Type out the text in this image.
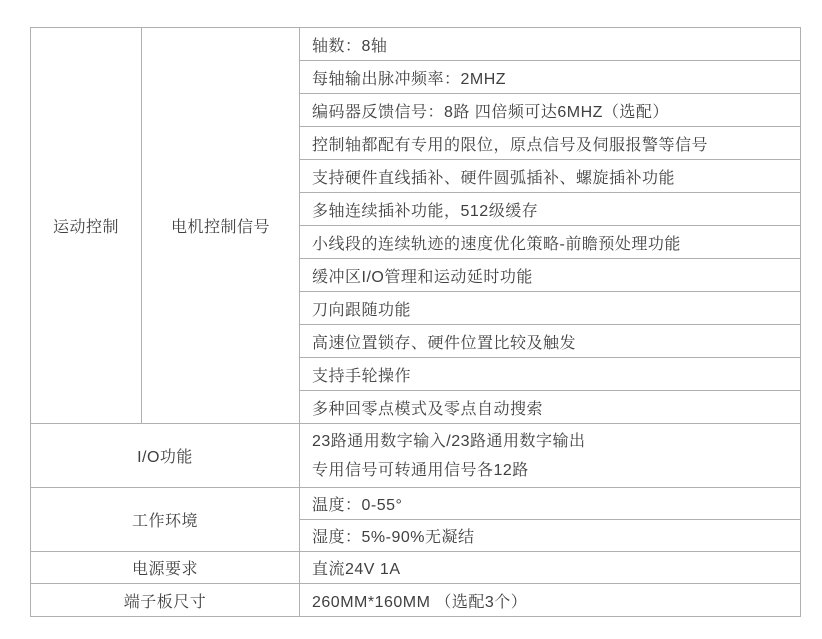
运动控制	电机控制信号	轴数：8轴
		每轴输出脉冲频率：2MHZ
		编码器反馈信号：8路 四倍频可达6MHZ（选配）
		控制轴都配有专用的限位，原点信号及伺服报警等信号
		支持硬件直线插补、硬件圆弧插补、螺旋插补功能
		多轴连续插补功能，512级缓存
		小线段的连续轨迹的速度优化策略-前瞻预处理功能
		缓冲区I/O管理和运动延时功能
		刀向跟随功能
		高速位置锁存、硬件位置比较及触发
		支持手轮操作
		多种回零点模式及零点自动搜索
I/O功能		23路通用数字输入/23路通用数字输出
专用信号可转通用信号各12路

工作环境		温度：0-55°
		湿度：5%-90%无凝结
电源要求		直流24V 1A
端子板尺寸		260MM*160MM （选配3个）
